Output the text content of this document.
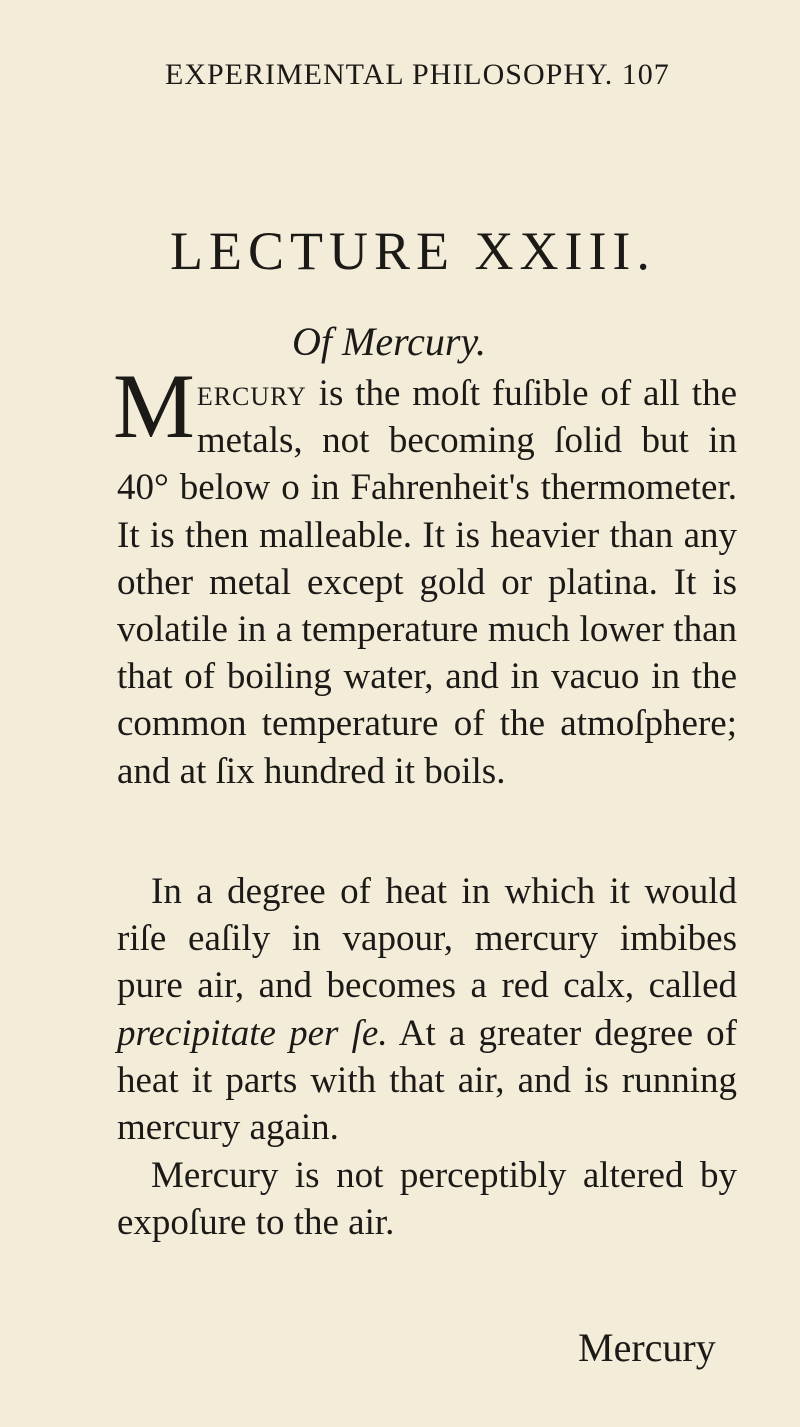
EXPERIMENTAL PHILOSOPHY. 107
LECTURE XXIII.
Of Mercury.
Mercury is the moſt fuſible of all the metals, not becoming ſolid but in 40° below o in Fahrenheit's thermometer. It is then malleable. It is heavier than any other metal except gold or platina. It is volatile in a temperature much lower than that of boiling water, and in vacuo in the common temperature of the atmoſphere; and at ſix hundred it boils.
In a degree of heat in which it would riſe eaſily in vapour, mercury imbibes pure air, and becomes a red calx, called precipitate per ſe. At a greater degree of heat it parts with that air, and is running mercury again.
Mercury is not perceptibly altered by expoſure to the air.
Mercury
